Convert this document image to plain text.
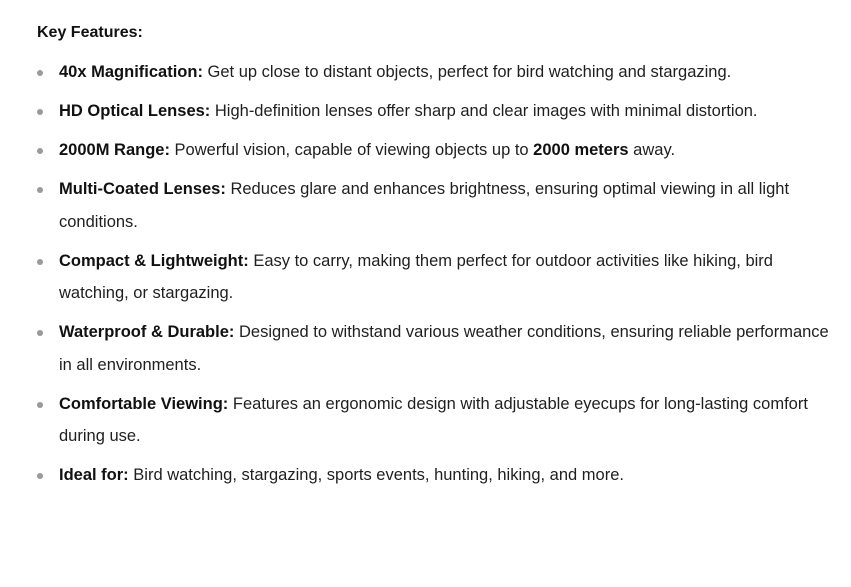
Key Features:
40x Magnification: Get up close to distant objects, perfect for bird watching and stargazing.
HD Optical Lenses: High-definition lenses offer sharp and clear images with minimal distortion.
2000M Range: Powerful vision, capable of viewing objects up to 2000 meters away.
Multi-Coated Lenses: Reduces glare and enhances brightness, ensuring optimal viewing in all light conditions.
Compact & Lightweight: Easy to carry, making them perfect for outdoor activities like hiking, bird watching, or stargazing.
Waterproof & Durable: Designed to withstand various weather conditions, ensuring reliable performance in all environments.
Comfortable Viewing: Features an ergonomic design with adjustable eyecups for long-lasting comfort during use.
Ideal for: Bird watching, stargazing, sports events, hunting, hiking, and more.
